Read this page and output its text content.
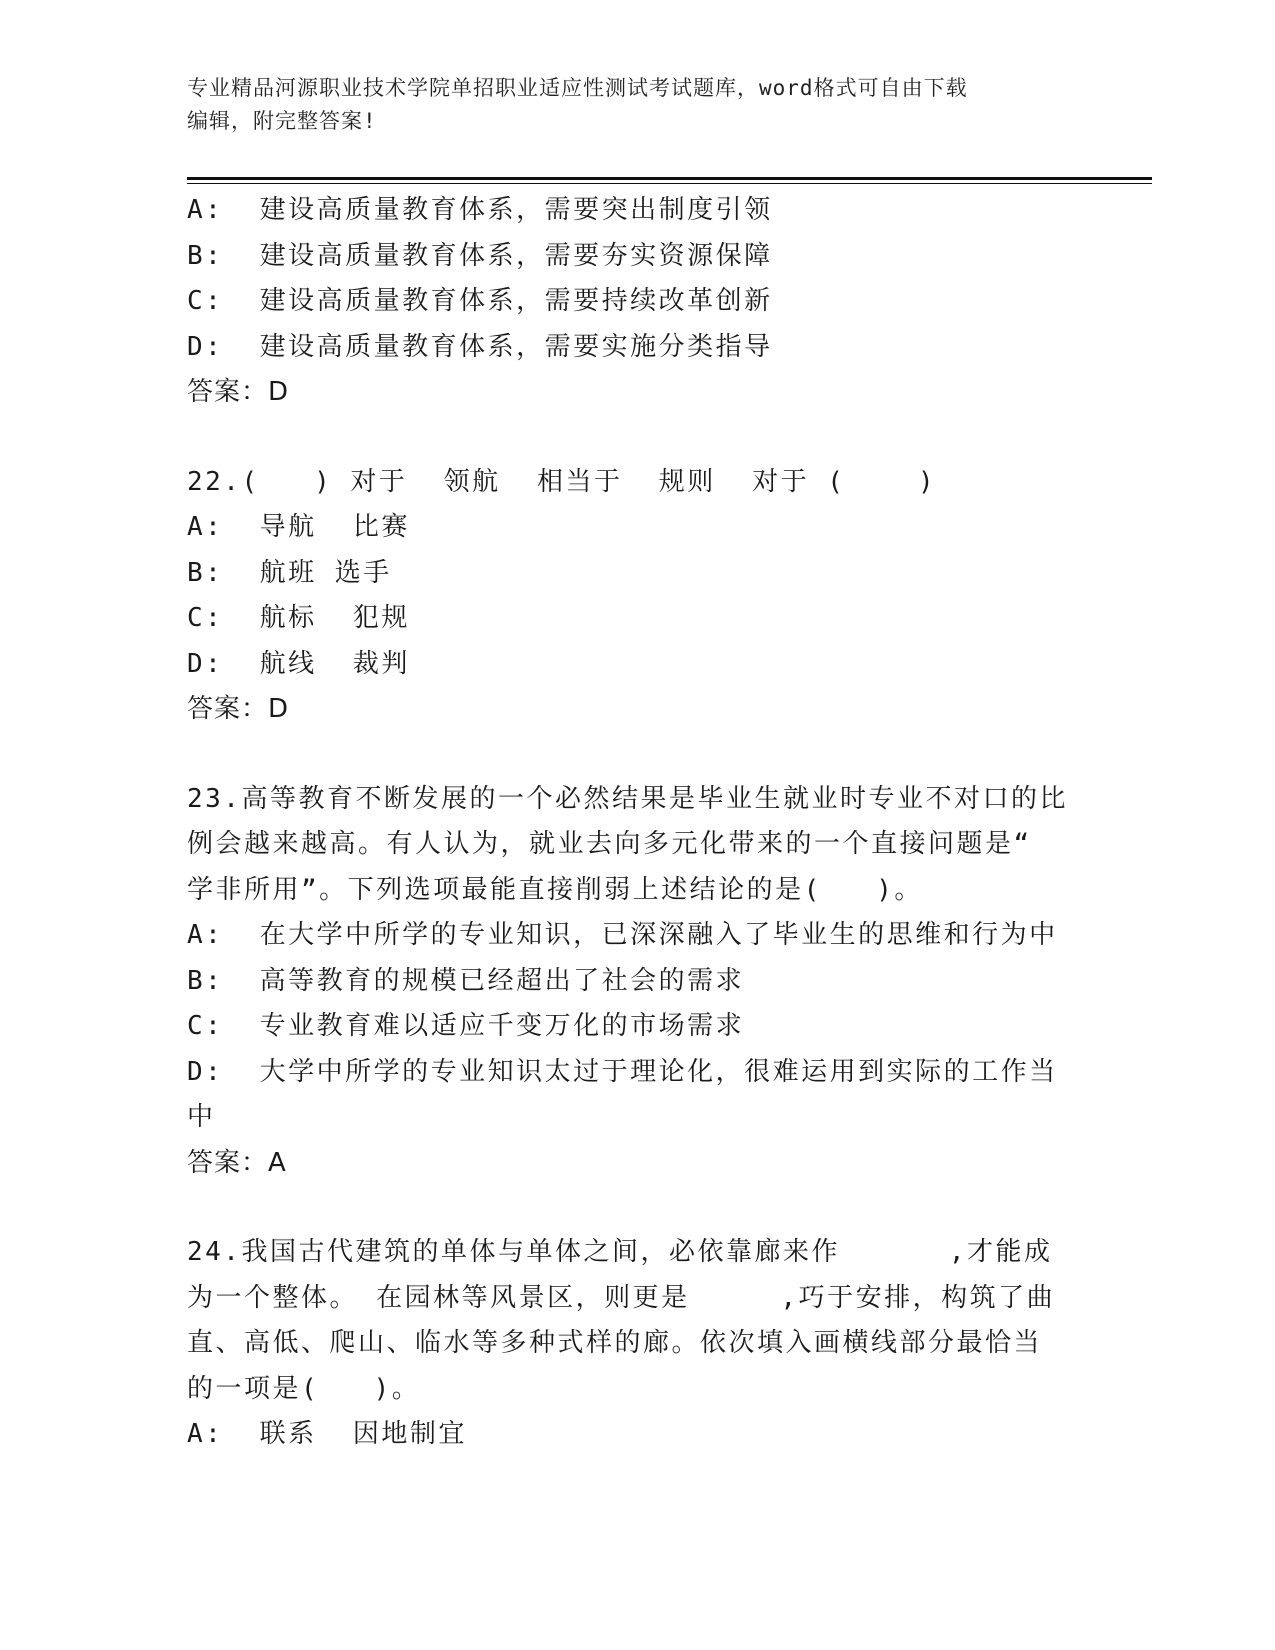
专业精品河源职业技术学院单招职业适应性测试考试题库，word格式可自由下载
编辑，附完整答案!
A:  建设高质量教育体系，需要突出制度引领
B:  建设高质量教育体系，需要夯实资源保障
C:  建设高质量教育体系，需要持续改革创新
D:  建设高质量教育体系，需要实施分类指导
答案：D
22.(   ) 对于  领航  相当于  规则  对于 (    )
A:  导航  比赛
B:  航班 选手
C:  航标  犯规
D:  航线  裁判
答案：D
23.高等教育不断发展的一个必然结果是毕业生就业时专业不对口的比
例会越来越高。有人认为，就业去向多元化带来的一个直接问题是“
学非所用”。下列选项最能直接削弱上述结论的是(   )。
A:  在大学中所学的专业知识，已深深融入了毕业生的思维和行为中
B:  高等教育的规模已经超出了社会的需求
C:  专业教育难以适应千变万化的市场需求
D:  大学中所学的专业知识太过于理论化，很难运用到实际的工作当
中
答案：A
24.我国古代建筑的单体与单体之间，必依靠廊来作      ,才能成
为一个整体。 在园林等风景区，则更是     ,巧于安排，构筑了曲
直、高低、爬山、临水等多种式样的廊。依次填入画横线部分最恰当
的一项是(   )。
A:  联系  因地制宜
